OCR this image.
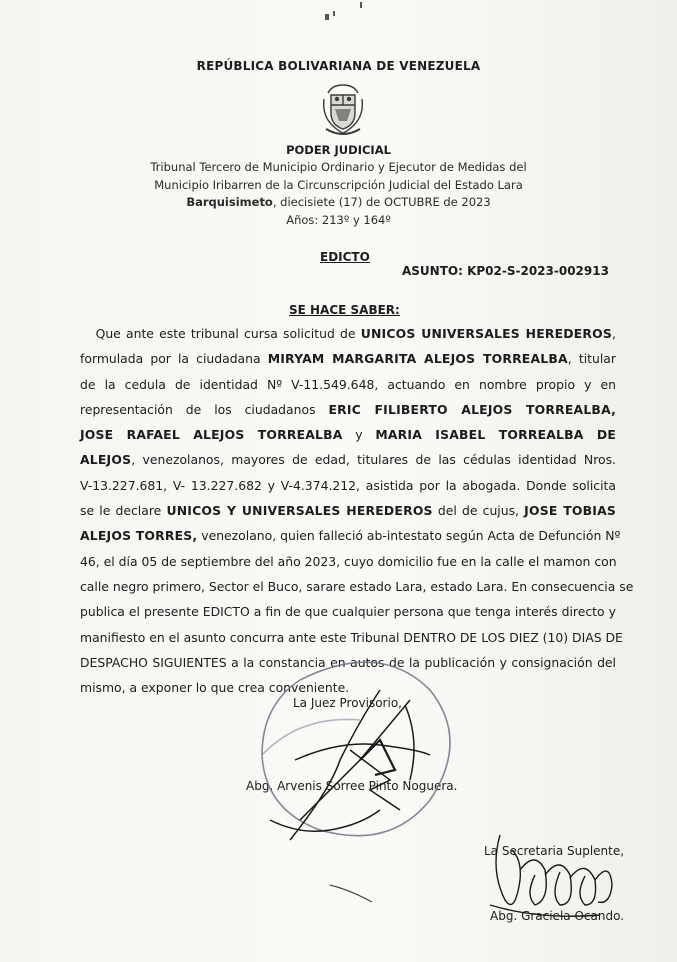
REPÚBLICA BOLIVARIANA DE VENEZUELA
PODER JUDICIAL
Tribunal Tercero de Municipio Ordinario y Ejecutor de Medidas del
Municipio Iribarren de la Circunscripción Judicial del Estado Lara
Barquisimeto, diecisiete (17) de OCTUBRE de 2023
Años: 213º y 164º
EDICTO
ASUNTO: KP02-S-2023-002913
SE HACE SABER:
Que ante este tribunal cursa solicitud de UNICOS UNIVERSALES HEREDEROS,
formulada por la ciudadana MIRYAM MARGARITA ALEJOS TORREALBA, titular
de la cedula de identidad Nº V-11.549.648, actuando en nombre propio y en
representación de los ciudadanos ERIC FILIBERTO ALEJOS TORREALBA,
JOSE RAFAEL ALEJOS TORREALBA y MARIA ISABEL TORREALBA DE
ALEJOS, venezolanos, mayores de edad, titulares de las cédulas identidad Nros.
V-13.227.681, V- 13.227.682 y V-4.374.212, asistida por la abogada. Donde solicita
se le declare UNICOS Y UNIVERSALES HEREDEROS del de cujus, JOSE TOBIAS
ALEJOS TORRES, venezolano, quien falleció ab-intestato según Acta de Defunción Nº
46, el día 05 de septiembre del año 2023, cuyo domicilio fue en la calle el mamon con
calle negro primero, Sector el Buco, sarare estado Lara, estado Lara. En consecuencia se
publica el presente EDICTO a fin de que cualquier persona que tenga interés directo y
manifiesto en el asunto concurra ante este Tribunal DENTRO DE LOS DIEZ (10) DIAS DE
DESPACHO SIGUIENTES a la constancia en autos de la publicación y consignación del
mismo, a exponer lo que crea conveniente.
La Juez Provisorio,
Abg. Arvenis Sorree Pinto Noguera.
La Secretaria Suplente,
Abg. Graciela Ocando.
